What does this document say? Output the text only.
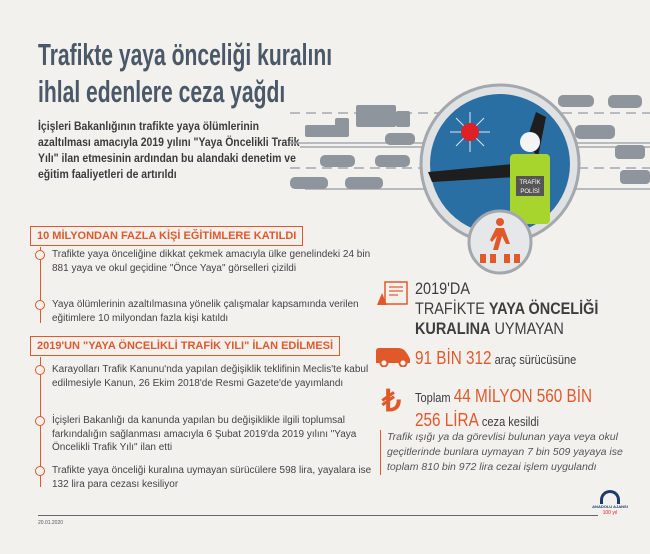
Trafikte yaya önceliği kuralını ihlal edenlere ceza yağdı
İçişleri Bakanlığının trafikte yaya ölümlerinin azaltılması amacıyla 2019 yılını "Yaya Öncelikli Trafik Yılı" ilan etmesinin ardından bu alandaki denetim ve eğitim faaliyetleri de artırıldı
TRAFİK
POLİSİ
10 MİLYONDAN FAZLA KİŞİ EĞİTİMLERE KATILDI
Trafikte yaya önceliğine dikkat çekmek amacıyla ülke genelindeki 24 bin 881 yaya ve okul geçidine "Önce Yaya" görselleri çizildi
Yaya ölümlerinin azaltılmasına yönelik çalışmalar kapsamında verilen eğitimlere 10 milyondan fazla kişi katıldı
2019'UN "YAYA ÖNCELİKLİ TRAFİK YILI" İLAN EDİLMESİ
Karayolları Trafik Kanunu'nda yapılan değişiklik teklifinin Meclis'te kabul edilmesiyle Kanun, 26 Ekim 2018'de Resmi Gazete'de yayımlandı
İçişleri Bakanlığı da kanunda yapılan bu değişiklikle ilgili toplumsal farkındalığın sağlanması amacıyla 6 Şubat 2019'da 2019 yılını "Yaya Öncelikli Trafik Yılı" ilan etti
Trafikte yaya önceliği kuralına uymayan sürücülere 598 lira, yayalara ise 132 lira para cezası kesiliyor
2019'DA
TRAFİKTE YAYA ÖNCELİĞİ
KURALINA UYMAYAN
91 BİN 312 araç sürücüsüne
₺ Toplam 44 MİLYON 560 BİN
256 LİRA ceza kesildi
Trafik ışığı ya da görevlisi bulunan yaya veya okul geçitlerinde bunlara uymayan 7 bin 509 yayaya ise toplam 810 bin 972 lira cezai işlem uygulandı
20.01.2020
ANADOLU AJANSI
100 yıl
